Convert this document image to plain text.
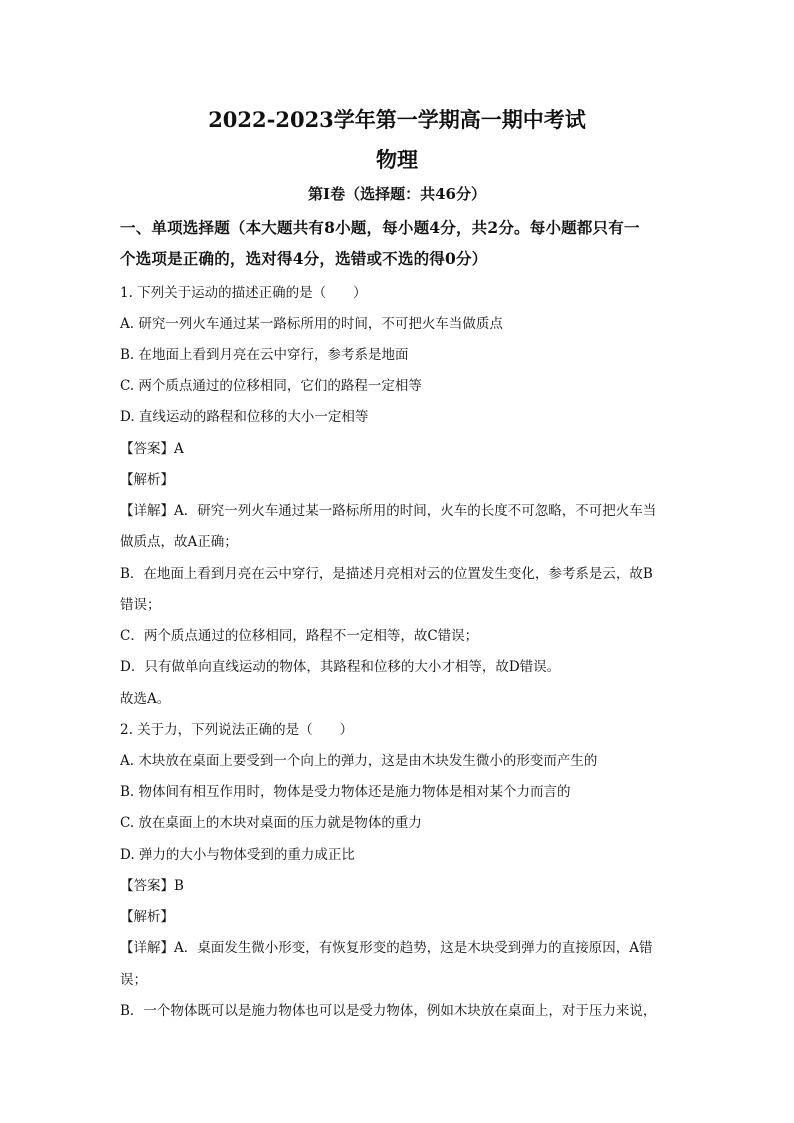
2022-2023学年第一学期高一期中考试
物理
第I卷（选择题：共46分）
一、单项选择题（本大题共有8小题，每小题4分，共2分。每小题都只有一
个选项是正确的，选对得4分，选错或不选的得0分）
1. 下列关于运动的描述正确的是（　　）
A. 研究一列火车通过某一路标所用的时间，不可把火车当做质点
B. 在地面上看到月亮在云中穿行，参考系是地面
C. 两个质点通过的位移相同，它们的路程一定相等
D. 直线运动的路程和位移的大小一定相等
【答案】A
【解析】
【详解】A．研究一列火车通过某一路标所用的时间，火车的长度不可忽略，不可把火车当
做质点，故A正确；
B．在地面上看到月亮在云中穿行，是描述月亮相对云的位置发生变化，参考系是云，故B
错误；
C．两个质点通过的位移相同，路程不一定相等，故C错误；
D．只有做单向直线运动的物体，其路程和位移的大小才相等，故D错误。
故选A。
2. 关于力，下列说法正确的是（　　）
A. 木块放在桌面上要受到一个向上的弹力，这是由木块发生微小的形变而产生的
B. 物体间有相互作用时，物体是受力物体还是施力物体是相对某个力而言的
C. 放在桌面上的木块对桌面的压力就是物体的重力
D. 弹力的大小与物体受到的重力成正比
【答案】B
【解析】
【详解】A．桌面发生微小形变，有恢复形变的趋势，这是木块受到弹力的直接原因，A错
误；
B．一个物体既可以是施力物体也可以是受力物体，例如木块放在桌面上，对于压力来说，
